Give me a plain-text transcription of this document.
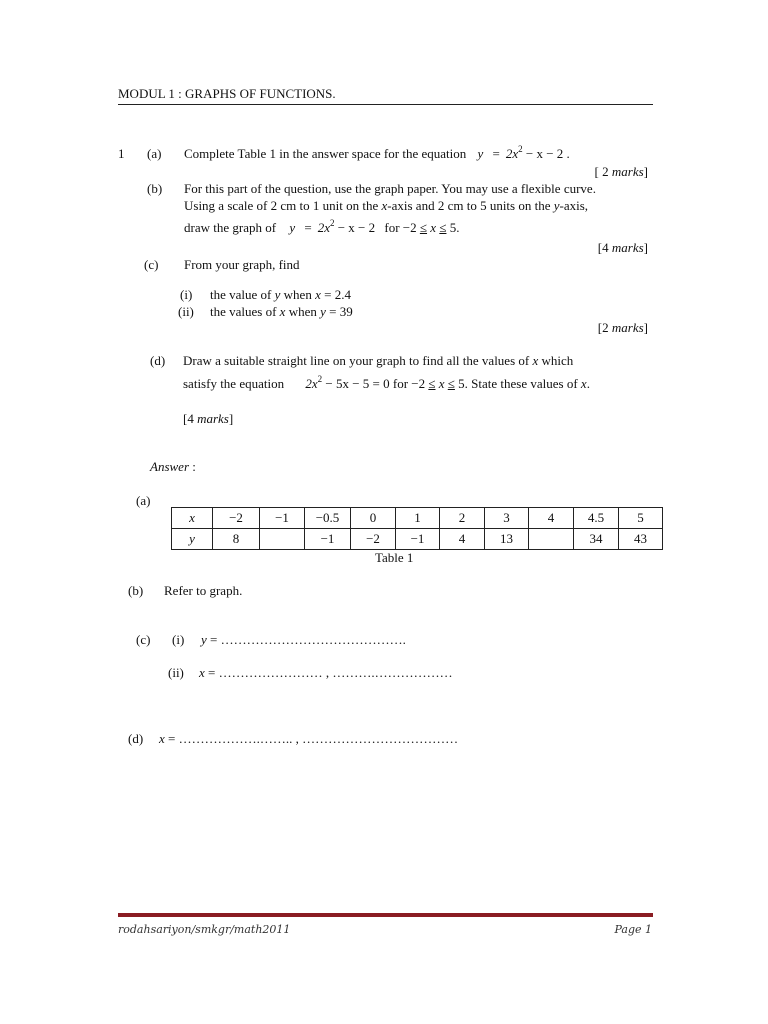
MODUL 1 : GRAPHS OF FUNCTIONS.
1 (a) Complete Table 1 in the answer space for the equation $y = 2x^2 - x - 2$ .
[ 2 marks]
(b) For this part of the question, use the graph paper. You may use a flexible curve.
Using a scale of 2 cm to 1 unit on the x-axis and 2 cm to 5 units on the y-axis,
draw the graph of $y = 2x^2 - x - 2$ for −2 ≤ x ≤ 5.
[4 marks]
(c) From your graph, find
(i) the value of y when x = 2.4
(ii) the values of x when y = 39
[2 marks]
(d) Draw a suitable straight line on your graph to find all the values of x which
satisfy the equation $2x^2 - 5x - 5 = 0$ for −2 ≤ x ≤ 5. State these values of x.
[4 marks]
Answer :
(a)
x	−2	−1	−0.5	0	1	2	3	4	4.5	5
y	8		−1	−2	−1	4	13		34	43
Table 1
(b) Refer to graph.
(c) (i) y = …………………………………….
(ii) x = …………………… , ……….………………
(d) x = ……………….…….. , ………………………………
rodahsariyon/smkgr/math2011	Page 1
